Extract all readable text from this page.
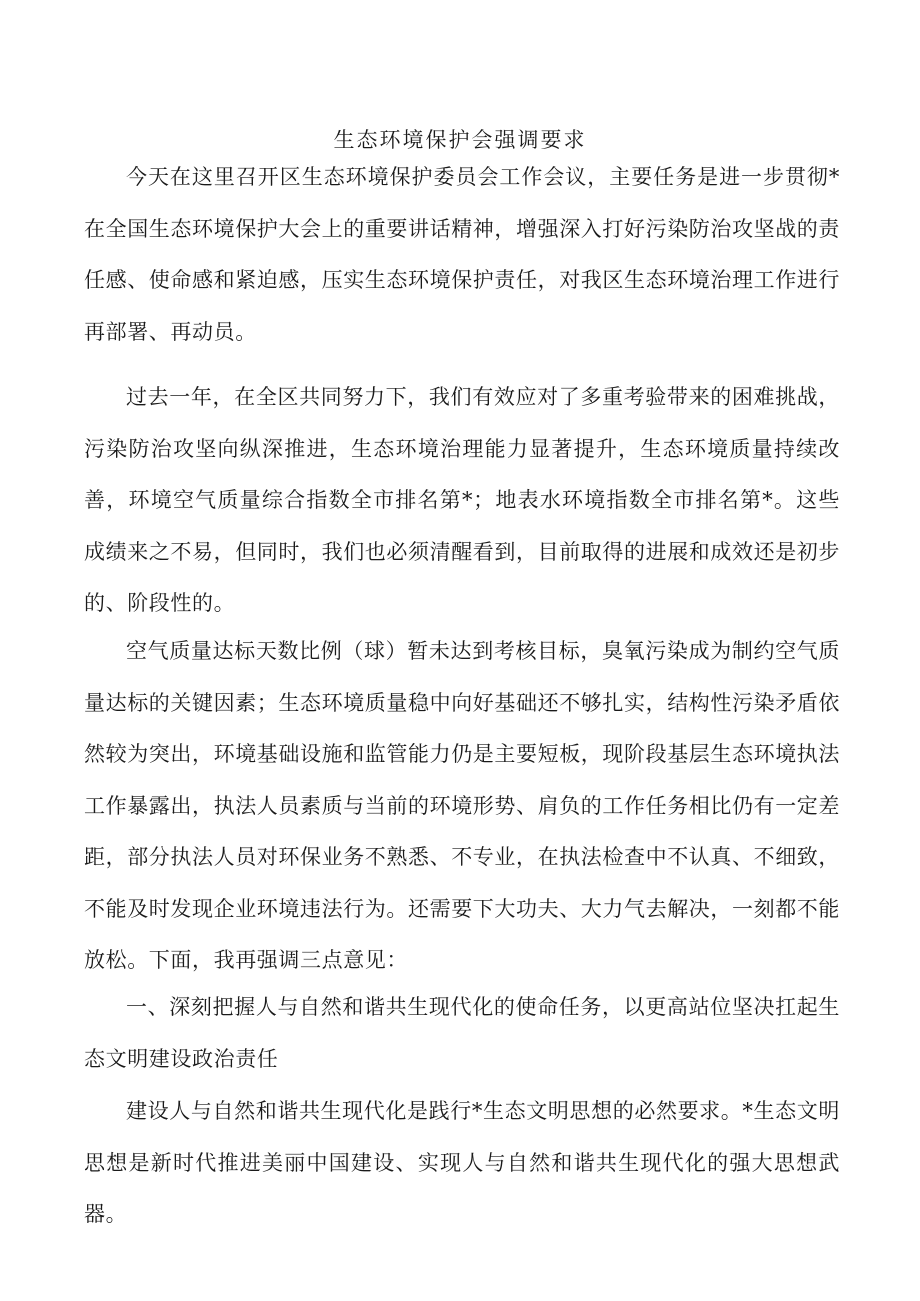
生态环境保护会强调要求

今天在这里召开区生态环境保护委员会工作会议，主要任务是进一步贯彻*在全国生态环境保护大会上的重要讲话精神，增强深入打好污染防治攻坚战的责任感、使命感和紧迫感，压实生态环境保护责任，对我区生态环境治理工作进行再部署、再动员。

过去一年，在全区共同努力下，我们有效应对了多重考验带来的困难挑战，污染防治攻坚向纵深推进，生态环境治理能力显著提升，生态环境质量持续改善，环境空气质量综合指数全市排名第*；地表水环境指数全市排名第*。这些成绩来之不易，但同时，我们也必须清醒看到，目前取得的进展和成效还是初步的、阶段性的。

空气质量达标天数比例（球）暂未达到考核目标，臭氧污染成为制约空气质量达标的关键因素；生态环境质量稳中向好基础还不够扎实，结构性污染矛盾依然较为突出，环境基础设施和监管能力仍是主要短板，现阶段基层生态环境执法工作暴露出，执法人员素质与当前的环境形势、肩负的工作任务相比仍有一定差距，部分执法人员对环保业务不熟悉、不专业，在执法检查中不认真、不细致，不能及时发现企业环境违法行为。还需要下大功夫、大力气去解决，一刻都不能放松。下面，我再强调三点意见：

一、深刻把握人与自然和谐共生现代化的使命任务，以更高站位坚决扛起生态文明建设政治责任

建设人与自然和谐共生现代化是践行*生态文明思想的必然要求。*生态文明思想是新时代推进美丽中国建设、实现人与自然和谐共生现代化的强大思想武器。
